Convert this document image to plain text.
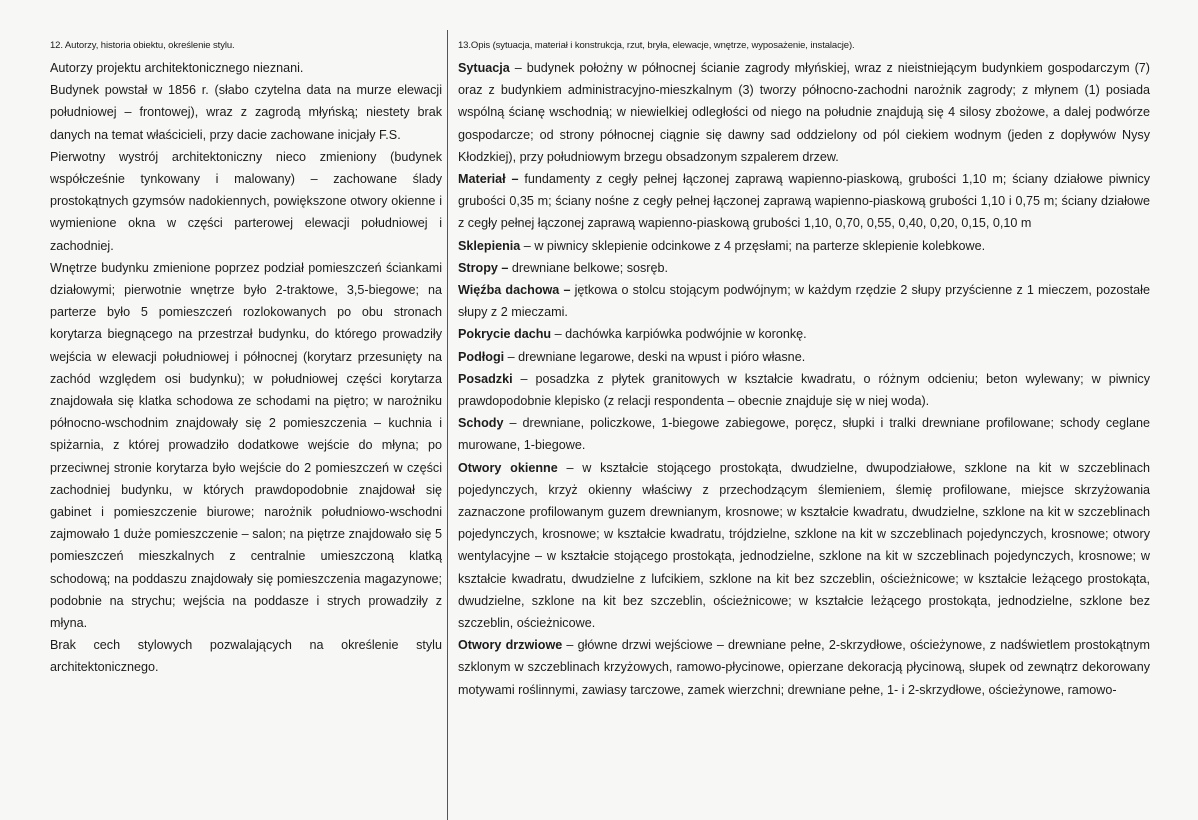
12. Autorzy, historia obiektu, określenie stylu.

Autorzy projektu architektonicznego nieznani.

Budynek powstał w 1856 r. (słabo czytelna data na murze elewacji południowej – frontowej), wraz z zagrodą młyńską; niestety brak danych na temat właścicieli, przy dacie zachowane inicjały F.S.

Pierwotny wystrój architektoniczny nieco zmieniony (budynek współcześnie tynkowany i malowany) – zachowane ślady prostokątnych gzymsów nadokiennych, powiększone otwory okienne i wymienione okna w części parterowej elewacji południowej i zachodniej.

Wnętrze budynku zmienione poprzez podział pomieszczeń ściankami działowymi; pierwotnie wnętrze było 2-traktowe, 3,5-biegowe; na parterze było 5 pomieszczeń rozlokowanych po obu stronach korytarza biegnącego na przestrzał budynku, do którego prowadziły wejścia w elewacji południowej i północnej (korytarz przesunięty na zachód względem osi budynku); w południowej części korytarza znajdowała się klatka schodowa ze schodami na piętro; w narożniku północno-wschodnim znajdowały się 2 pomieszczenia – kuchnia i spiżarnia, z której prowadziło dodatkowe wejście do młyna; po przeciwnej stronie korytarza było wejście do 2 pomieszczeń w części zachodniej budynku, w których prawdopodobnie znajdował się gabinet i pomieszczenie biurowe; narożnik południowo-wschodni zajmowało 1 duże pomieszczenie – salon; na piętrze znajdowało się 5 pomieszczeń mieszkalnych z centralnie umieszczoną klatką schodową; na poddaszu znajdowały się pomieszczenia magazynowe; podobnie na strychu; wejścia na poddasze i strych prowadziły z młyna.

Brak cech stylowych pozwalających na określenie stylu architektonicznego.

13.Opis (sytuacja, materiał i konstrukcja, rzut, bryła, elewacje, wnętrze, wyposażenie, instalacje).

Sytuacja – budynek położny w północnej ścianie zagrody młyńskiej, wraz z nieistniejącym budynkiem gospodarczym (7) oraz z budynkiem administracyjno-mieszkalnym (3) tworzy północno-zachodni narożnik zagrody; z młynem (1) posiada wspólną ścianę wschodnią; w niewielkiej odległości od niego na południe znajdują się 4 silosy zbożowe, a dalej podwórze gospodarcze; od strony północnej ciągnie się dawny sad oddzielony od pól ciekiem wodnym (jeden z dopływów Nysy Kłodzkiej), przy południowym brzegu obsadzonym szpalerem drzew.

Materiał – fundamenty z cegły pełnej łączonej zaprawą wapienno-piaskową, grubości 1,10 m; ściany działowe piwnicy grubości 0,35 m; ściany nośne z cegły pełnej łączonej zaprawą wapienno-piaskową grubości 1,10 i 0,75 m; ściany działowe z cegły pełnej łączonej zaprawą wapienno-piaskową grubości 1,10, 0,70, 0,55, 0,40, 0,20, 0,15, 0,10 m

Sklepienia – w piwnicy sklepienie odcinkowe z 4 przęsłami; na parterze sklepienie kolebkowe.

Stropy – drewniane belkowe; sosręb.

Więźba dachowa – jętkowa o stolcu stojącym podwójnym; w każdym rzędzie 2 słupy przyścienne z 1 mieczem, pozostałe słupy z 2 mieczami.

Pokrycie dachu – dachówka karpiówka podwójnie w koronkę.

Podłogi – drewniane legarowe, deski na wpust i pióro własne.

Posadzki – posadzka z płytek granitowych w kształcie kwadratu, o różnym odcieniu; beton wylewany; w piwnicy prawdopodobnie klepisko (z relacji respondenta – obecnie znajduje się w niej woda).

Schody – drewniane, policzkowe, 1-biegowe zabiegowe, poręcz, słupki i tralki drewniane profilowane; schody ceglane murowane, 1-biegowe.

Otwory okienne – w kształcie stojącego prostokąta, dwudzielne, dwupodziałowe, szklone na kit w szczeblinach pojedynczych, krzyż okienny właściwy z przechodzącym ślemieniem, ślemię profilowane, miejsce skrzyżowania zaznaczone profilowanym guzem drewnianym, krosnowe; w kształcie kwadratu, dwudzielne, szklone na kit w szczeblinach pojedynczych, krosnowe; w kształcie kwadratu, trójdzielne, szklone na kit w szczeblinach pojedynczych, krosnowe; otwory wentylacyjne – w kształcie stojącego prostokąta, jednodzielne, szklone na kit w szczeblinach pojedynczych, krosnowe; w kształcie kwadratu, dwudzielne z lufcikiem, szklone na kit bez szczeblin, ościeżnicowe; w kształcie leżącego prostokąta, dwudzielne, szklone na kit bez szczeblin, ościeżnicowe; w kształcie leżącego prostokąta, jednodzielne, szklone bez szczeblin, ościeżnicowe.

Otwory drzwiowe – główne drzwi wejściowe – drewniane pełne, 2-skrzydłowe, ościeżynowe, z nadświetlem prostokątnym szklonym w szczeblinach krzyżowych, ramowo-płycinowe, opierzane dekoracją płycinową, słupek od zewnątrz dekorowany motywami roślinnymi, zawiasy tarczowe, zamek wierzchni; drewniane pełne, 1- i 2-skrzydłowe, ościeżynowe, ramowo-
